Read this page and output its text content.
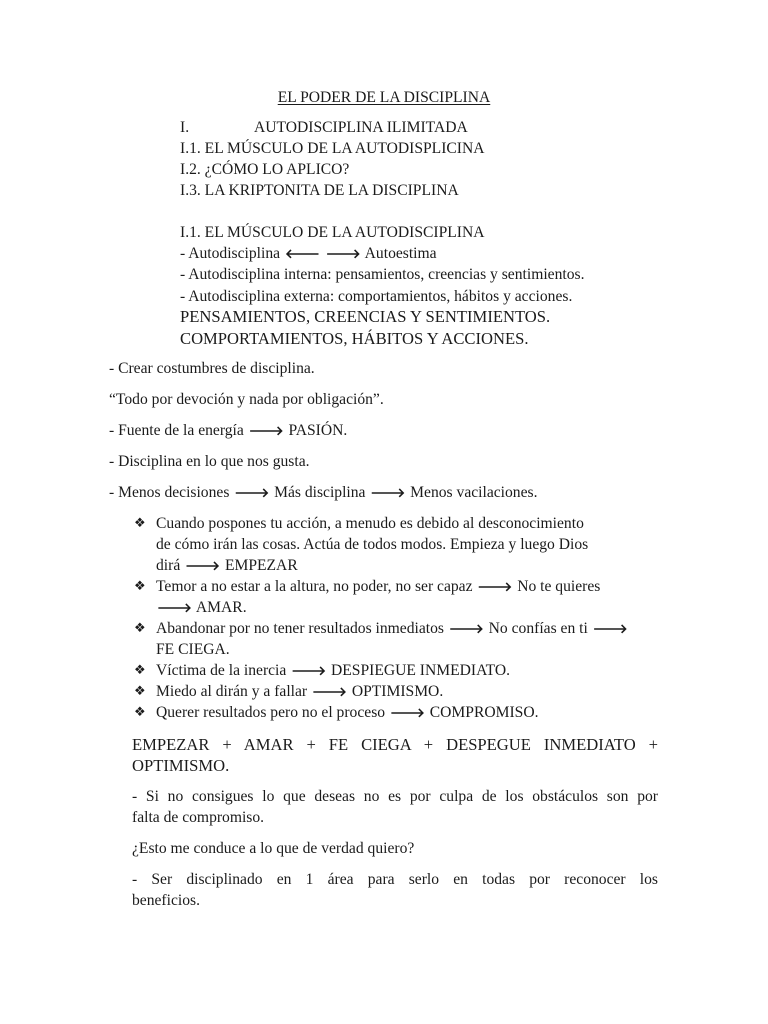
EL PODER DE LA DISCIPLINA
I.	AUTODISCIPLINA ILIMITADA
I.1. EL MÚSCULO DE LA AUTODISPLICINA
I.2. ¿CÓMO LO APLICO?
I.3. LA KRIPTONITA DE LA DISCIPLINA
I.1. EL MÚSCULO DE LA AUTODISCIPLINA
- Autodisciplina 🡐 🡒 Autoestima
- Autodisciplina interna: pensamientos, creencias y sentimientos.
- Autodisciplina externa: comportamientos, hábitos y acciones.
PENSAMIENTOS, CREENCIAS Y SENTIMIENTOS.
COMPORTAMIENTOS, HÁBITOS Y ACCIONES.
- Crear costumbres de disciplina.
“Todo por devoción y nada por obligación”.
- Fuente de la energía 🡒 PASIÓN.
- Disciplina en lo que nos gusta.
- Menos decisiones 🡒 Más disciplina 🡒 Menos vacilaciones.
❖ Cuando pospones tu acción, a menudo es debido al desconocimiento
de cómo irán las cosas. Actúa de todos modos. Empieza y luego Dios
dirá 🡒 EMPEZAR
❖ Temor a no estar a la altura, no poder, no ser capaz 🡒 No te quieres
🡒 AMAR.
❖ Abandonar por no tener resultados inmediatos 🡒 No confías en ti 🡒
FE CIEGA.
❖ Víctima de la inercia 🡒 DESPIEGUE INMEDIATO.
❖ Miedo al dirán y a fallar 🡒 OPTIMISMO.
❖ Querer resultados pero no el proceso 🡒 COMPROMISO.
EMPEZAR + AMAR + FE CIEGA + DESPEGUE INMEDIATO +
OPTIMISMO.
- Si no consigues lo que deseas no es por culpa de los obstáculos son por
falta de compromiso.
¿Esto me conduce a lo que de verdad quiero?
- Ser disciplinado en 1 área para serlo en todas por reconocer los
beneficios.
